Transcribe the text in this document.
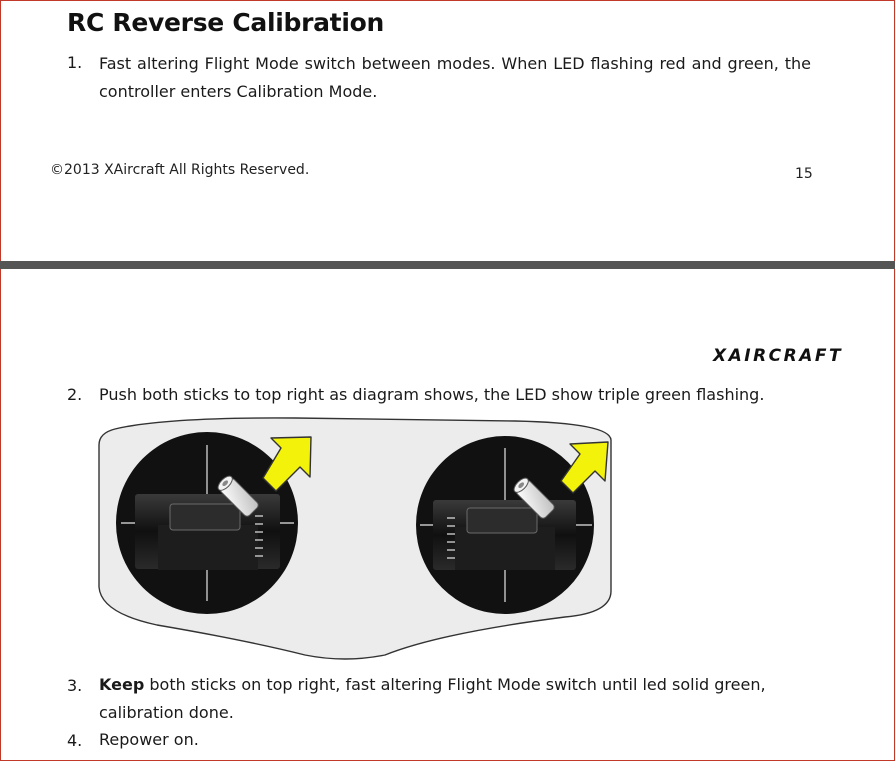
RC Reverse Calibration
1. Fast altering Flight Mode switch between modes. When LED flashing red and green, the controller enters Calibration Mode.
©2013 XAircraft All Rights Reserved.	15
XAIRCRAFT
2. Push both sticks to top right as diagram shows, the LED show triple green flashing.
3. Keep both sticks on top right, fast altering Flight Mode switch until led solid green, calibration done.
4. Repower on.
